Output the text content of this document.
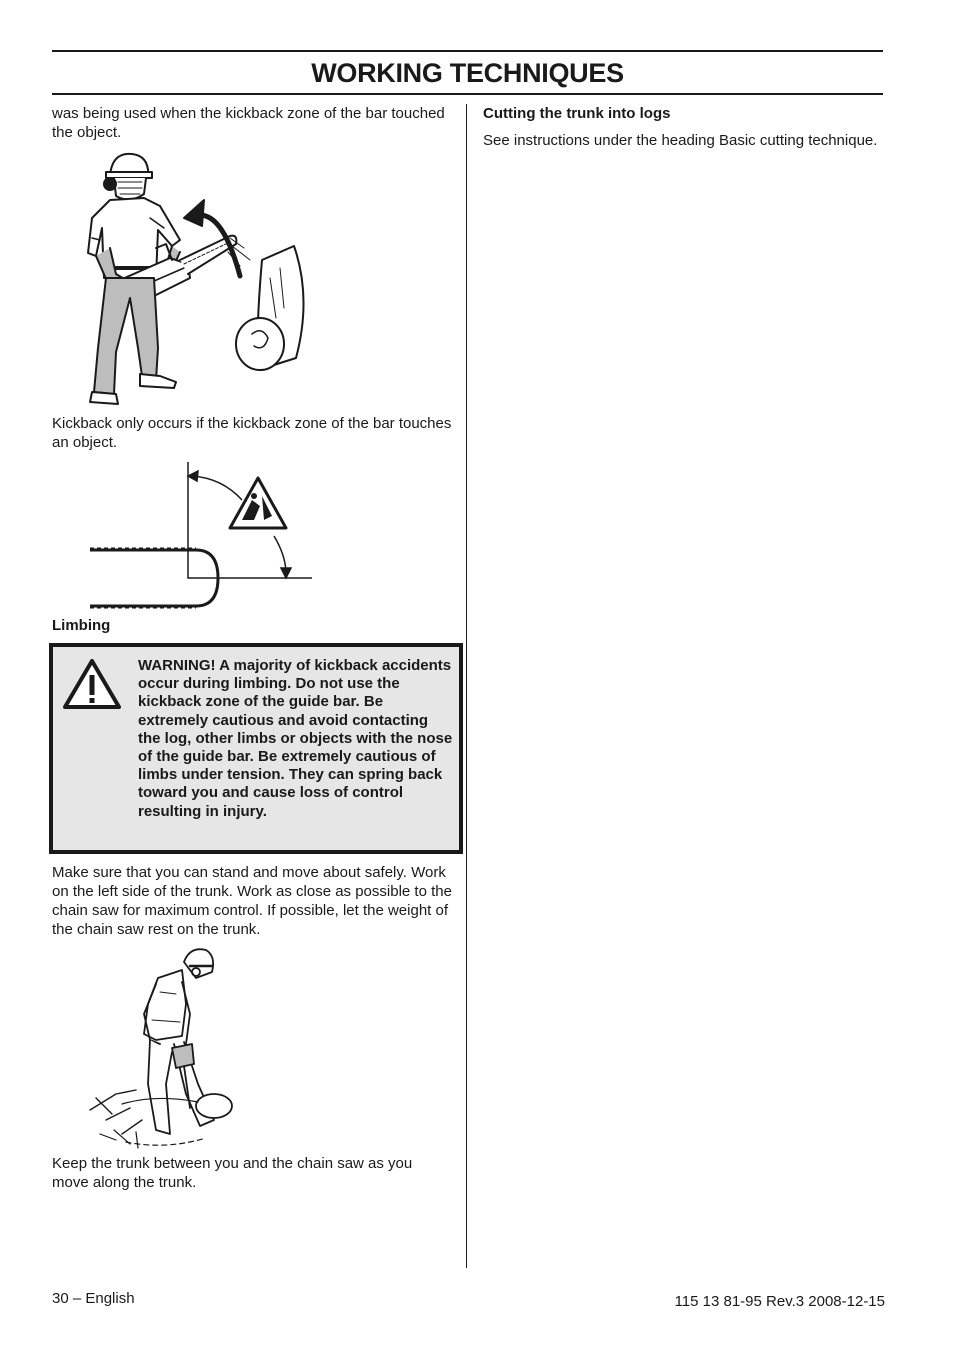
WORKING TECHNIQUES

was being used when the kickback zone of the bar touched the object.

Kickback only occurs if the kickback zone of the bar touches an object.

Limbing

WARNING! A majority of kickback accidents occur during limbing. Do not use the kickback zone of the guide bar. Be extremely cautious and avoid contacting the log, other limbs or objects with the nose of the guide bar. Be extremely cautious of limbs under tension. They can spring back toward you and cause loss of control resulting in injury.

Make sure that you can stand and move about safely. Work on the left side of the trunk. Work as close as possible to the chain saw for maximum control. If possible, let the weight of the chain saw rest on the trunk.

Keep the trunk between you and the chain saw as you move along the trunk.

Cutting the trunk into logs

See instructions under the heading Basic cutting technique.

30 – English	115 13 81-95 Rev.3 2008-12-15
